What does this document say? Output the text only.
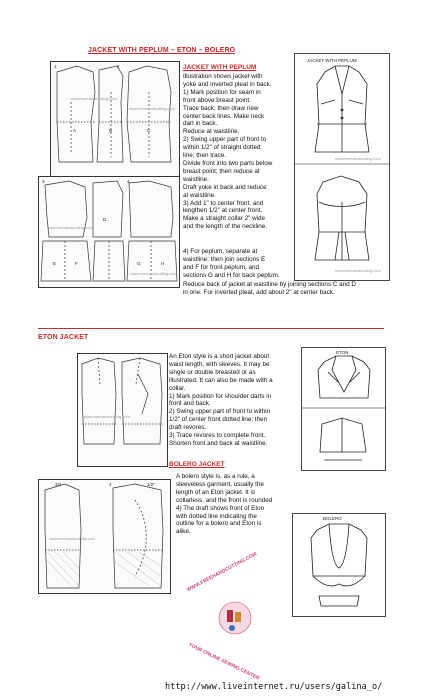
JACKET WITH PEPLUM – ETON – BOLERO
1	2
A	B	C
www.freehandcutting.com
www.freehandcutting.com
3	4
E	F	G	H
D
www.freehandcutting.com
www.freehandcutting.com
JACKET WITH PEPLUM
Illustration shows jacket with
yoke and inverted pleat in back.
1) Mark position for seam in
front above breast point.
Trace back; then draw new
center back lines. Make neck
dart in back.
Reduce at waistline.
2) Swing upper part of front to
within 1/2" of straight dotted
line; then trace.
Divide front into two parts below
breast point; then reduce at
waistline.
Draft yoke in back and reduce
at waistline.
3) Add 1" to center front, and
lengthen 1/2" at center front.
Make a straight collar 2" wide
and the length of the neckline.
4) For peplum, separate at
waistline; then join sections E
and F for front peplum, and
sections G and H for back peplum.
Reduce back of jacket at waistline by joining sections C and D
in one. For inverted pleat, add about 2" at center back.
JACKET WITH PEPLUM
www.freehandcutting.com
www.freehandcutting.com
ETON JACKET
www.freehandcutting.com
An Eton style is a short jacket about
waist length, with sleeves. It may be
single or double breasted or as
illustrated. It can also be made with a
collar.
1) Mark position for shoulder darts in
front and back.
2) Swing upper part of front to within
1/2" of center front dotted line; then
draft revores.
3) Trace revores to complete front.
Shorten front and back at waistline.
ETON
BOLERO JACKET
A bolero style is, as a rule, a
sleeveless garment, usually the
length of an Eton jacket. It is
collarless, and the front is rounded
4) The draft shows front of Eton
with dotted line indicating the
outline for a bolero and Eton is
alike.
3/4	4	1/2"
www.freehandcutting.com
BOLERO
WWW.FREEHANDCUTTING.COM
YOUR ONLINE SEWING CENTER
http://www.liveinternet.ru/users/galina_o/
